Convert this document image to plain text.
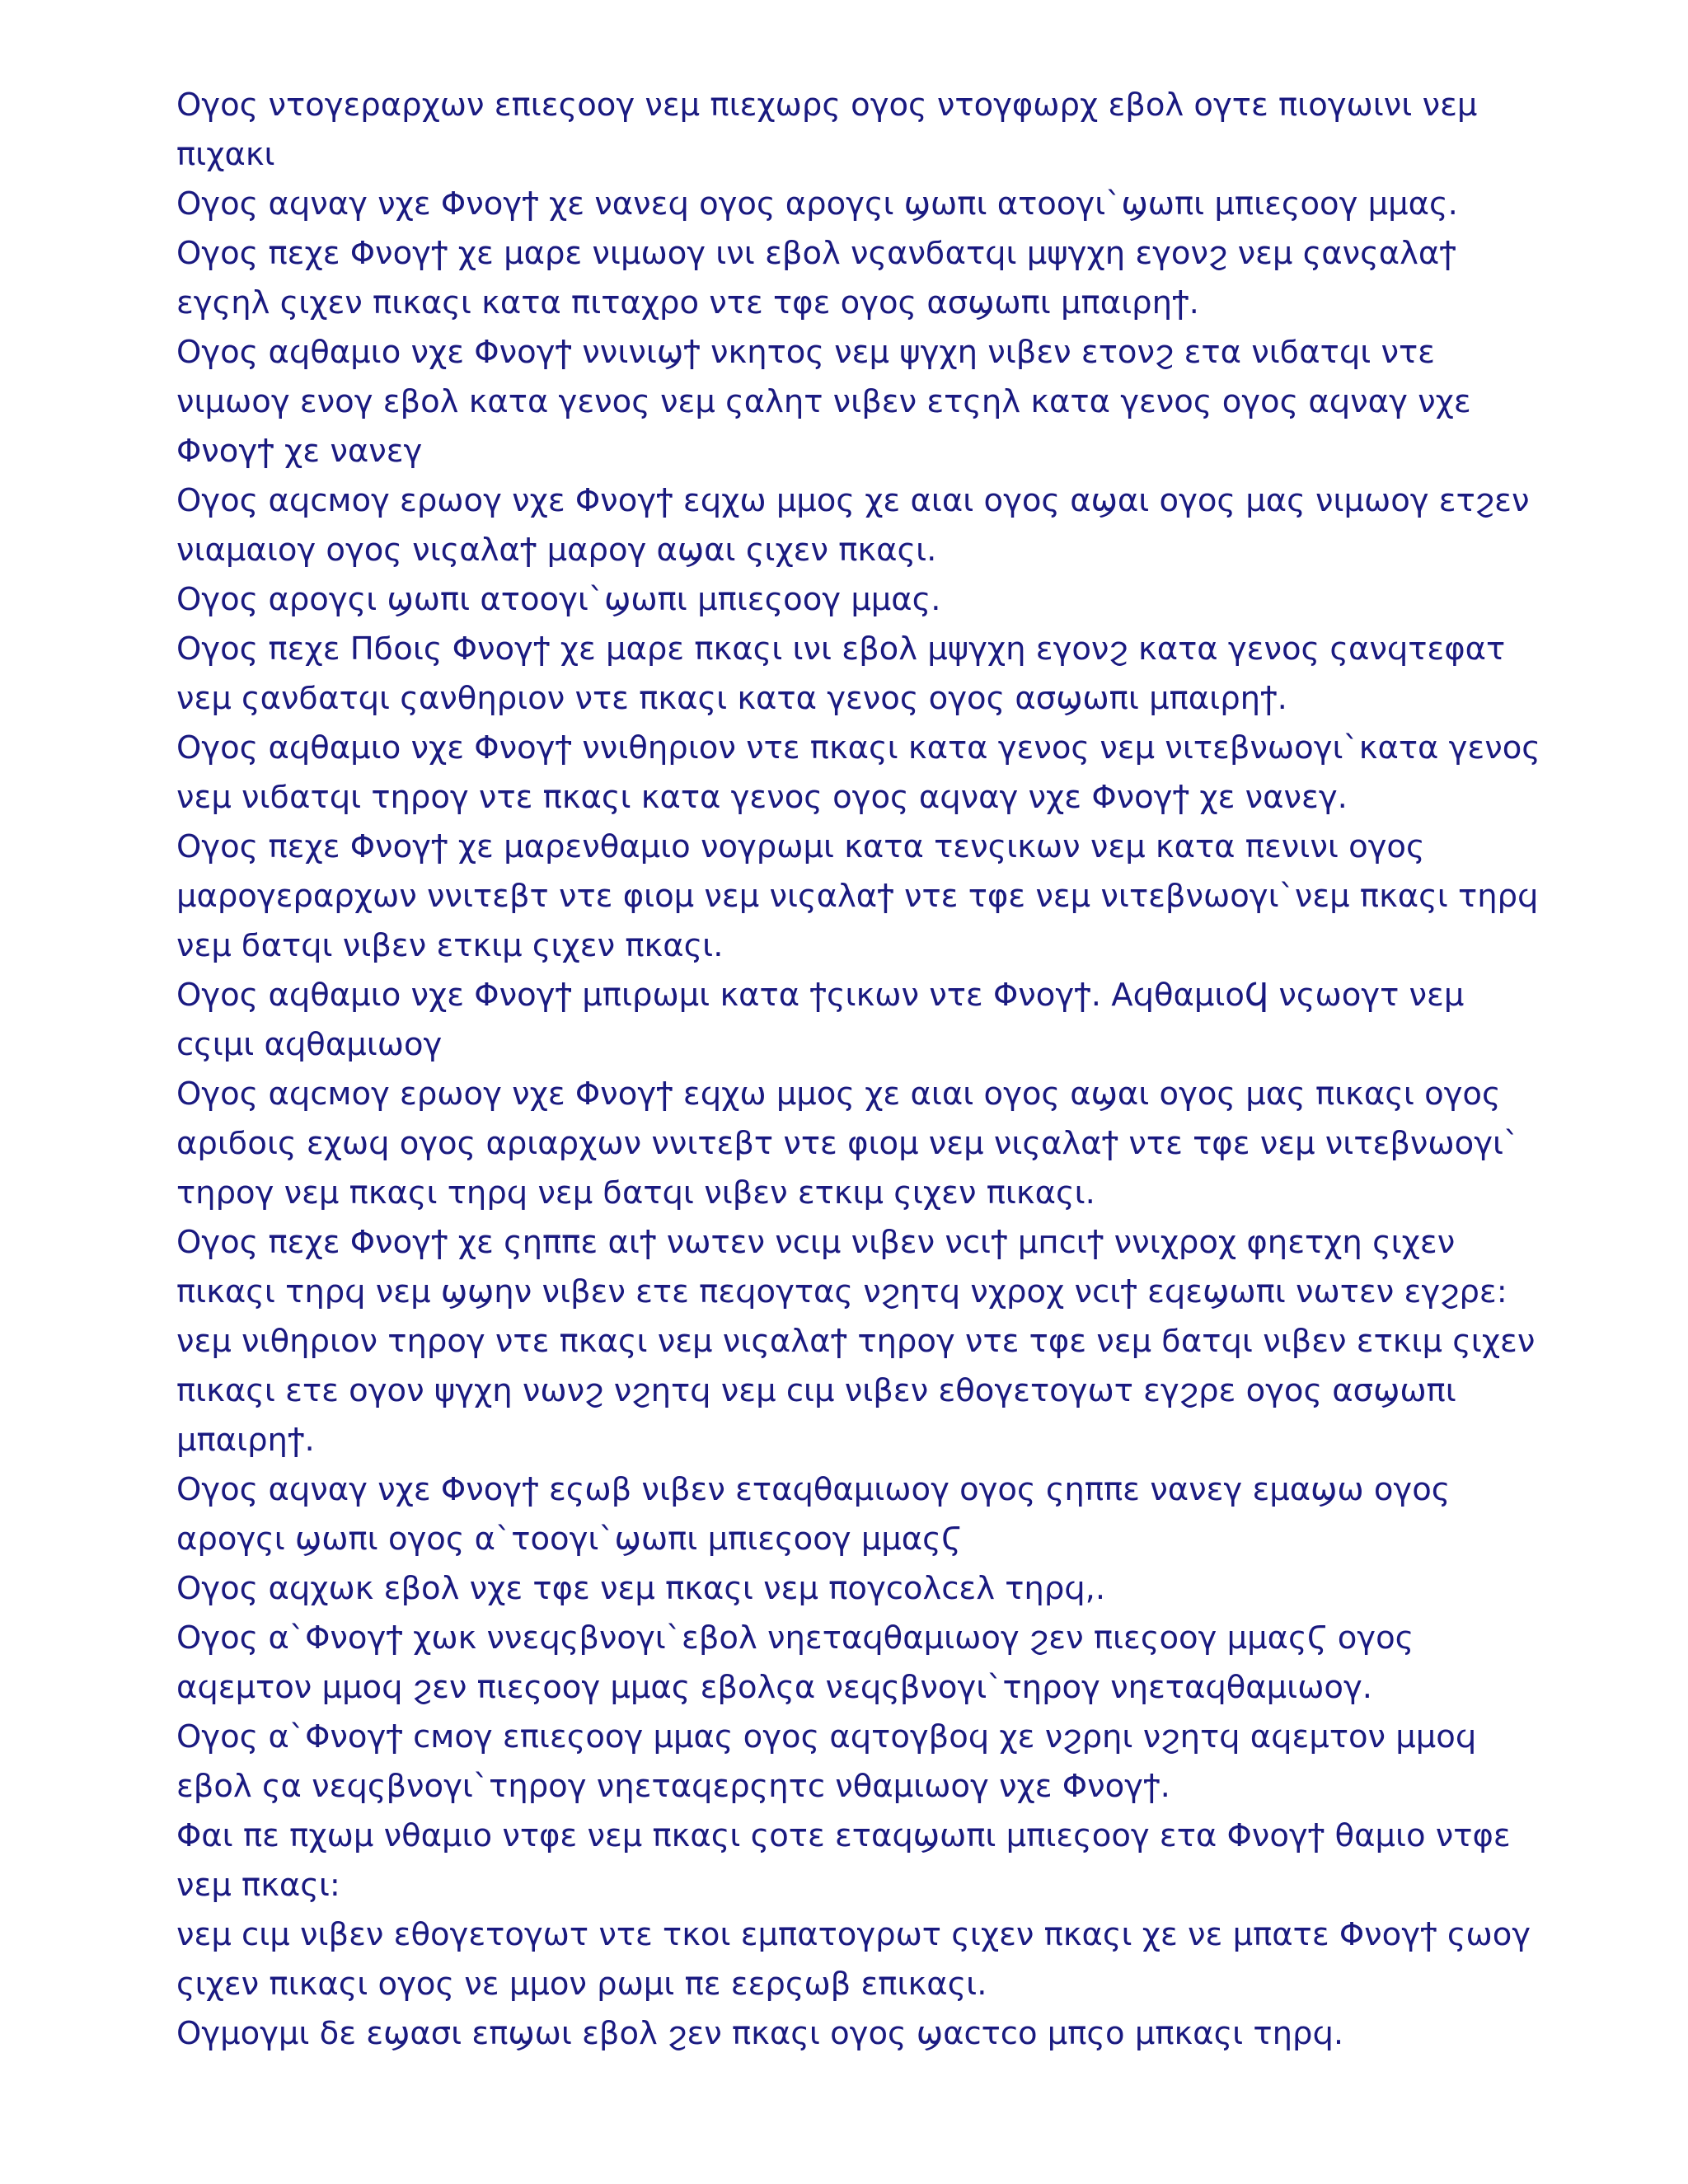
Ογος ντογεραρχων επιεςοογ νεμ πιεχωρς ογος ντογφωρχ εβολ ογτε πιογωινι νεμ
πιχακι
Ογος αϥναγ νχε Φνογϯ χε νανεϥ ογος αρογςι ϣωπι ατοογι`ϣωπι μπιεςοογ μμας.
Ογος πεχε Φνογϯ χε μαρε νιμωογ ινι εβολ νςανϭατϥι μψγχη εγονϩ νεμ ςανςαλαϯ
εγςηλ ςιχεν πικαςι κατα πιταχρο ντε τφε ογος ασϣωπι μπαιρηϯ.
Ογος αϥθαμιο νχε Φνογϯ ννινιϣϯ νκητος νεμ ψγχη νιβεν ετονϩ ετα νιϭατϥι ντε
νιμωογ ενογ εβολ κατα γενος νεμ ςαλητ νιβεν ετςηλ κατα γενος ογος αϥναγ νχε
Φνογϯ χε νανεγ
Ογος αϥсмογ ερωογ νχε Φνογϯ εϥχω μμος χε αιαι ογος αϣαι ογος μας νιμωογ ετϩεν
νιαμαιογ ογος νιςαλαϯ μαρογ αϣαι ςιχεν πκαςι.
Ογος αρογςι ϣωπι ατοογι`ϣωπι μπιεςοογ μμας.
Ογος πεχε Πϭοις Φνογϯ χε μαρε πκαςι ινι εβολ μψγχη εγονϩ κατα γενος ςανϥτεφατ
νεμ ςανϭατϥι ςανθηριον ντε πκαςι κατα γενος ογος ασϣωπι μπαιρηϯ.
Ογος αϥθαμιο νχε Φνογϯ ννιθηριον ντε πκαςι κατα γενος νεμ νιτεβνωογι`κατα γενος
νεμ νιϭατϥι τηρογ ντε πκαςι κατα γενος ογος αϥναγ νχε Φνογϯ χε νανεγ.
Ογος πεχε Φνογϯ χε μαρενθαμιο νογρωμι κατα τενςικων νεμ κατα πενινι ογος
μαρογεραρχων ννιτεβτ ντε φιομ νεμ νιςαλαϯ ντε τφε νεμ νιτεβνωογι`νεμ πκαςι τηρϥ
νεμ ϭατϥι νιβεν ετκιμ ςιχεν πκαςι.
Ογος αϥθαμιο νχε Φνογϯ μπιρωμι κατα ϯςικων ντε Φνογϯ. ΑϥθαμιοϤ νςωογτ νεμ
сςιμι αϥθαμιωογ
Ογος αϥсмογ ερωογ νχε Φνογϯ εϥχω μμος χε αιαι ογος αϣαι ογος μας πικαςι ογος
αριϭοις εχωϥ ογος αριαρχων ννιτεβτ ντε φιομ νεμ νιςαλαϯ ντε τφε νεμ νιτεβνωογι`
τηρογ νεμ πκαςι τηρϥ νεμ ϭατϥι νιβεν ετκιμ ςιχεν πικαςι.
Ογος πεχε Φνογϯ χε ςηππε αιϯ νωτεν νсιμ νιβεν νсιϯ μпсιϯ ννιχροχ φηετχη ςιχεν
πικαςι τηρϥ νεμ ϣϣην νιβεν ετε πεϥογτας νϩητϥ νχροχ νсιϯ εϥεϣωπι νωτεν εγϩρε:
νεμ νιθηριον τηρογ ντε πκαςι νεμ νιςαλαϯ τηρογ ντε τφε νεμ ϭατϥι νιβεν ετκιμ ςιχεν
πικαςι ετε ογον ψγχη νωνϩ νϩητϥ νεμ сιμ νιβεν εθογετογωτ εγϩρε ογος ασϣωπι
μπαιρηϯ.
Ογος αϥναγ νχε Φνογϯ εςωβ νιβεν εταϥθαμιωογ ογος ςηππε νανεγ εμαϣω ογος
αρογςι ϣωπι ογος α`τοογι`ϣωπι μπιεςοογ μμαςϚ
Ογος αϥχωκ εβολ νχε τφε νεμ πκαςι νεμ πογсολсελ τηρϥ,.
Ογος α`Φνογϯ χωκ ννεϥςβνογι`εβολ νηεταϥθαμιωογ ϩεν πιεςοογ μμαςϚ ογος
αϥεμτον μμοϥ ϩεν πιεςοογ μμας εβολςα νεϥςβνογι`τηρογ νηεταϥθαμιωογ.
Ογος α`Φνογϯ смογ επιεςοογ μμας ογος αϥτογβοϥ χε νϩρηι νϩητϥ αϥεμτον μμοϥ
εβολ ςα νεϥςβνογι`τηρογ νηεταϥερςητс νθαμιωογ νχε Φνογϯ.
Φαι πε πχωμ νθαμιο ντφε νεμ πκαςι ςοτε εταϥϣωπι μπιεςοογ ετα Φνογϯ θαμιο ντφε
νεμ πκαςι:
νεμ сιμ νιβεν εθογετογωτ ντε τκοι εμπατογρωτ ςιχεν πκαςι χε νε μπατε Φνογϯ ςωογ
ςιχεν πικαςι ογος νε μμον ρωμι πε εερςωβ επικαςι.
Ογμογμι δε εϣασι επϣωι εβολ ϩεν πκαςι ογος ϣαсτсο μπςο μπκαςι τηρϥ.
